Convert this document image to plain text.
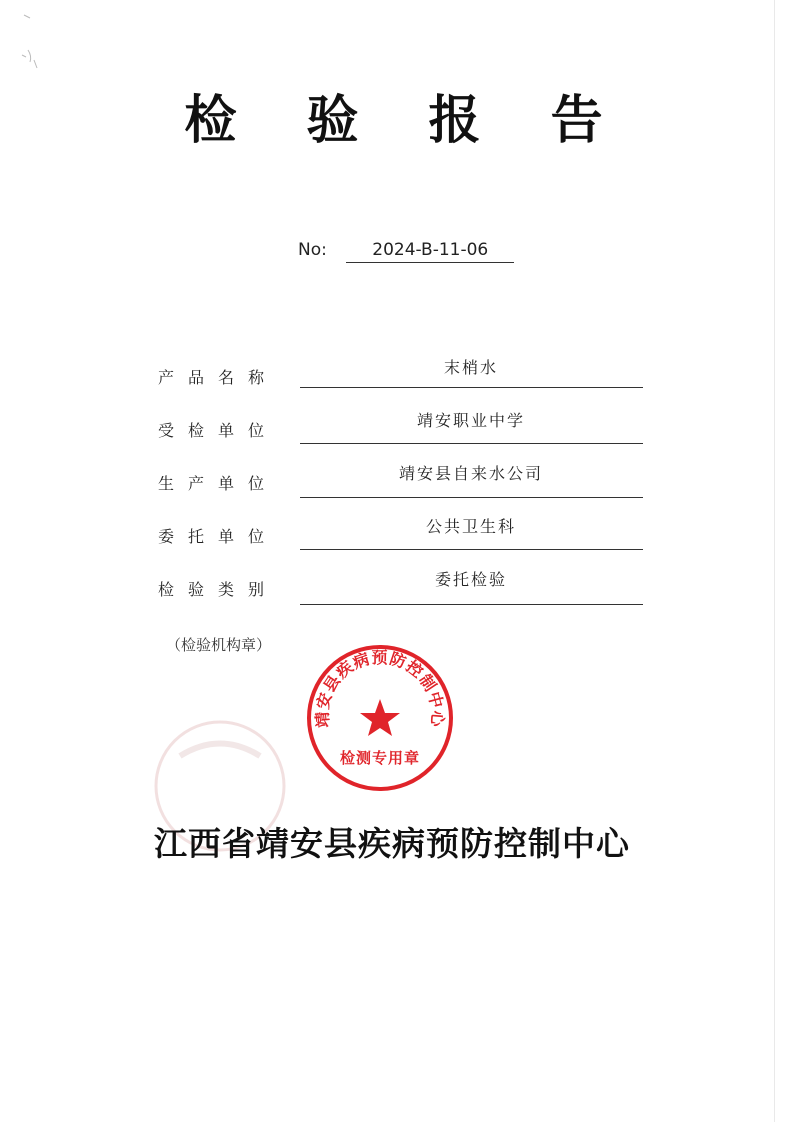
检 验 报 告
No:	2024-B-11-06
产品名称
末梢水
受检单位
靖安职业中学
生产单位
靖安县自来水公司
委托单位
公共卫生科
检验类别
委托检验
（检验机构章）
靖安县疾病预防控制中心
检测专用章
江西省靖安县疾病预防控制中心
